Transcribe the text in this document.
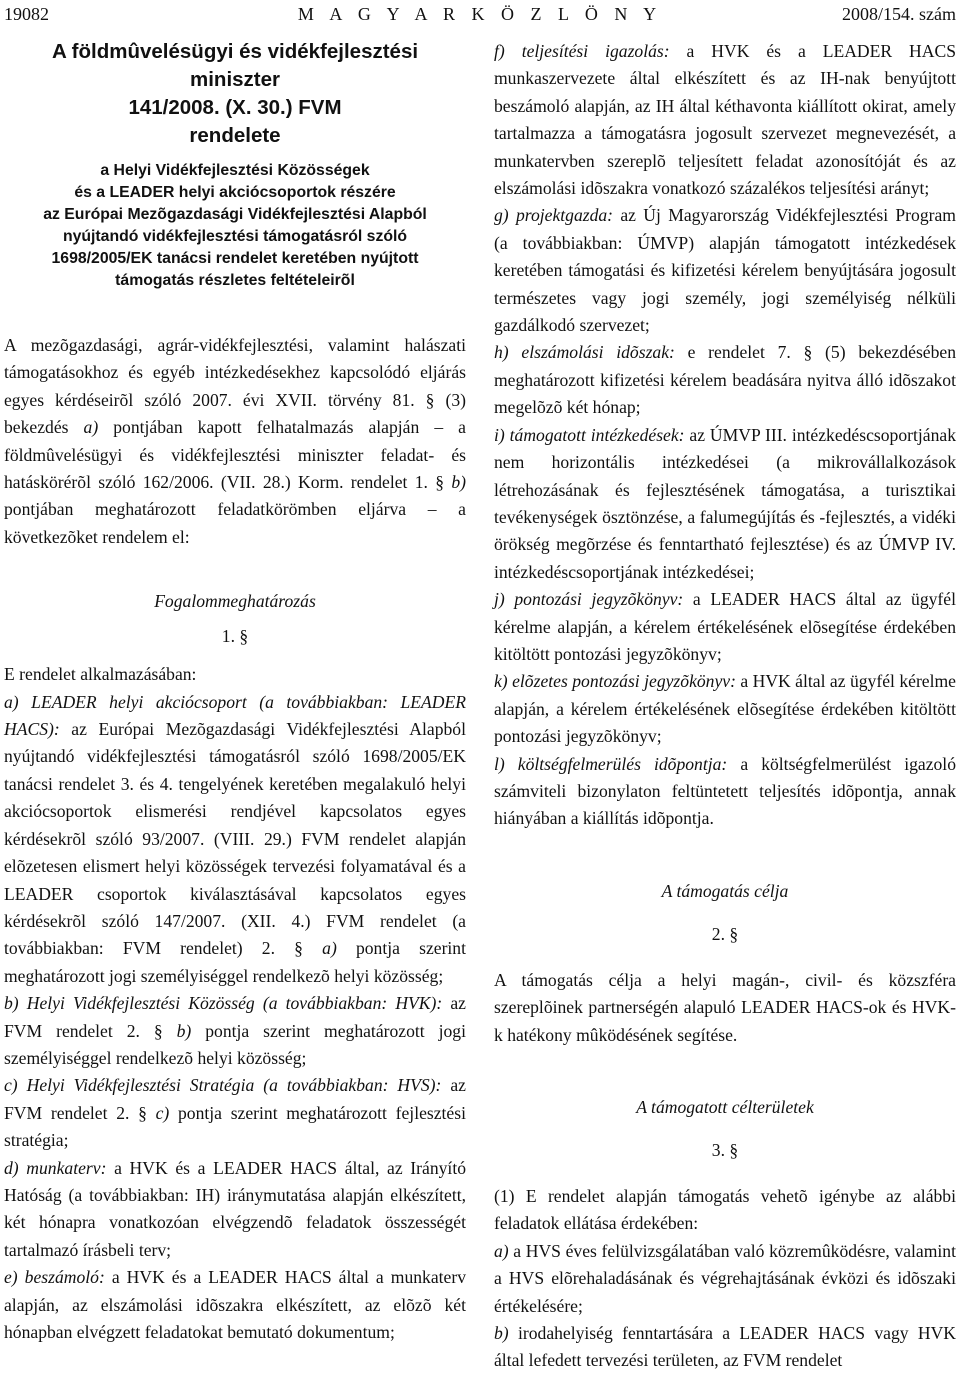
19082	M A G Y A R K Ö Z L Ö N Y	2008/154. szám
A földmûvelésügyi és vidékfejlesztési
miniszter
141/2008. (X. 30.) FVM
rendelete
a Helyi Vidékfejlesztési Közösségek
és a LEADER helyi akciócsoportok részére
az Európai Mezõgazdasági Vidékfejlesztési Alapból
nyújtandó vidékfejlesztési támogatásról szóló
1698/2005/EK tanácsi rendelet keretében nyújtott
támogatás részletes feltételeirõl

A mezõgazdasági, agrár-vidékfejlesztési, valamint halászati támogatásokhoz és egyéb intézkedésekhez kapcsolódó eljárás egyes kérdéseirõl szóló 2007. évi XVII. törvény 81. § (3) bekezdés a) pontjában kapott felhatalmazás alapján – a földmûvelésügyi és vidékfejlesztési miniszter feladat- és hatáskörérõl szóló 162/2006. (VII. 28.) Korm. rendelet 1. § b) pontjában meghatározott feladatkörömben eljárva – a következõket rendelem el:

Fogalommeghatározás
1. §

E rendelet alkalmazásában:

a) LEADER helyi akciócsoport (a továbbiakban: LEADER HACS): az Európai Mezõgazdasági Vidékfejlesztési Alapból nyújtandó vidékfejlesztési támogatásról szóló 1698/2005/EK tanácsi rendelet 3. és 4. tengelyének keretében megalakuló helyi akciócsoportok elismerési rendjével kapcsolatos egyes kérdésekrõl szóló 93/2007. (VIII. 29.) FVM rendelet alapján elõzetesen elismert helyi közösségek tervezési folyamatával és a LEADER csoportok kiválasztásával kapcsolatos egyes kérdésekrõl szóló 147/2007. (XII. 4.) FVM rendelet (a továbbiakban: FVM rendelet) 2. § a) pontja szerint meghatározott jogi személyiséggel rendelkezõ helyi közösség;

b) Helyi Vidékfejlesztési Közösség (a továbbiakban: HVK): az FVM rendelet 2. § b) pontja szerint meghatározott jogi személyiséggel rendelkezõ helyi közösség;

c) Helyi Vidékfejlesztési Stratégia (a továbbiakban: HVS): az FVM rendelet 2. § c) pontja szerint meghatározott fejlesztési stratégia;

d) munkaterv: a HVK és a LEADER HACS által, az Irányító Hatóság (a továbbiakban: IH) iránymutatása alapján elkészített, két hónapra vonatkozóan elvégzendõ feladatok összességét tartalmazó írásbeli terv;

e) beszámoló: a HVK és a LEADER HACS által a munkaterv alapján, az elszámolási idõszakra elkészített, az elõzõ két hónapban elvégzett feladatokat bemutató dokumentum;

f) teljesítési igazolás: a HVK és a LEADER HACS munkaszervezete által elkészített és az IH-nak benyújtott beszámoló alapján, az IH által kéthavonta kiállított okirat, amely tartalmazza a támogatásra jogosult szervezet megnevezését, a munkatervben szereplõ teljesített feladat azonosítóját és az elszámolási idõszakra vonatkozó százalékos teljesítési arányt;

g) projektgazda: az Új Magyarország Vidékfejlesztési Program (a továbbiakban: ÚMVP) alapján támogatott intézkedések keretében támogatási és kifizetési kérelem benyújtására jogosult természetes vagy jogi személy, jogi személyiség nélküli gazdálkodó szervezet;

h) elszámolási idõszak: e rendelet 7. § (5) bekezdésében meghatározott kifizetési kérelem beadására nyitva álló idõszakot megelõzõ két hónap;

i) támogatott intézkedések: az ÚMVP III. intézkedéscsoportjának nem horizontális intézkedései (a mikrovállalkozások létrehozásának és fejlesztésének támogatása, a turisztikai tevékenységek ösztönzése, a falumegújítás és -fejlesztés, a vidéki örökség megõrzése és fenntartható fejlesztése) és az ÚMVP IV. intézkedéscsoportjának intézkedései;

j) pontozási jegyzõkönyv: a LEADER HACS által az ügyfél kérelme alapján, a kérelem értékelésének elõsegítése érdekében kitöltött pontozási jegyzõkönyv;

k) elõzetes pontozási jegyzõkönyv: a HVK által az ügyfél kérelme alapján, a kérelem értékelésének elõsegítése érdekében kitöltött pontozási jegyzõkönyv;

l) költségfelmerülés idõpontja: a költségfelmerülést igazoló számviteli bizonylaton feltüntetett teljesítés idõpontja, annak hiányában a kiállítás idõpontja.

A támogatás célja
2. §

A támogatás célja a helyi magán-, civil- és közszféra szereplõinek partnerségén alapuló LEADER HACS-ok és HVK-k hatékony mûködésének segítése.

A támogatott célterületek
3. §

(1) E rendelet alapján támogatás vehetõ igénybe az alábbi feladatok ellátása érdekében:

a) a HVS éves felülvizsgálatában való közremûködésre, valamint a HVS elõrehaladásának és végrehajtásának évközi és idõszaki értékelésére;

b) irodahelyiség fenntartására a LEADER HACS vagy HVK által lefedett tervezési területen, az FVM rendelet
